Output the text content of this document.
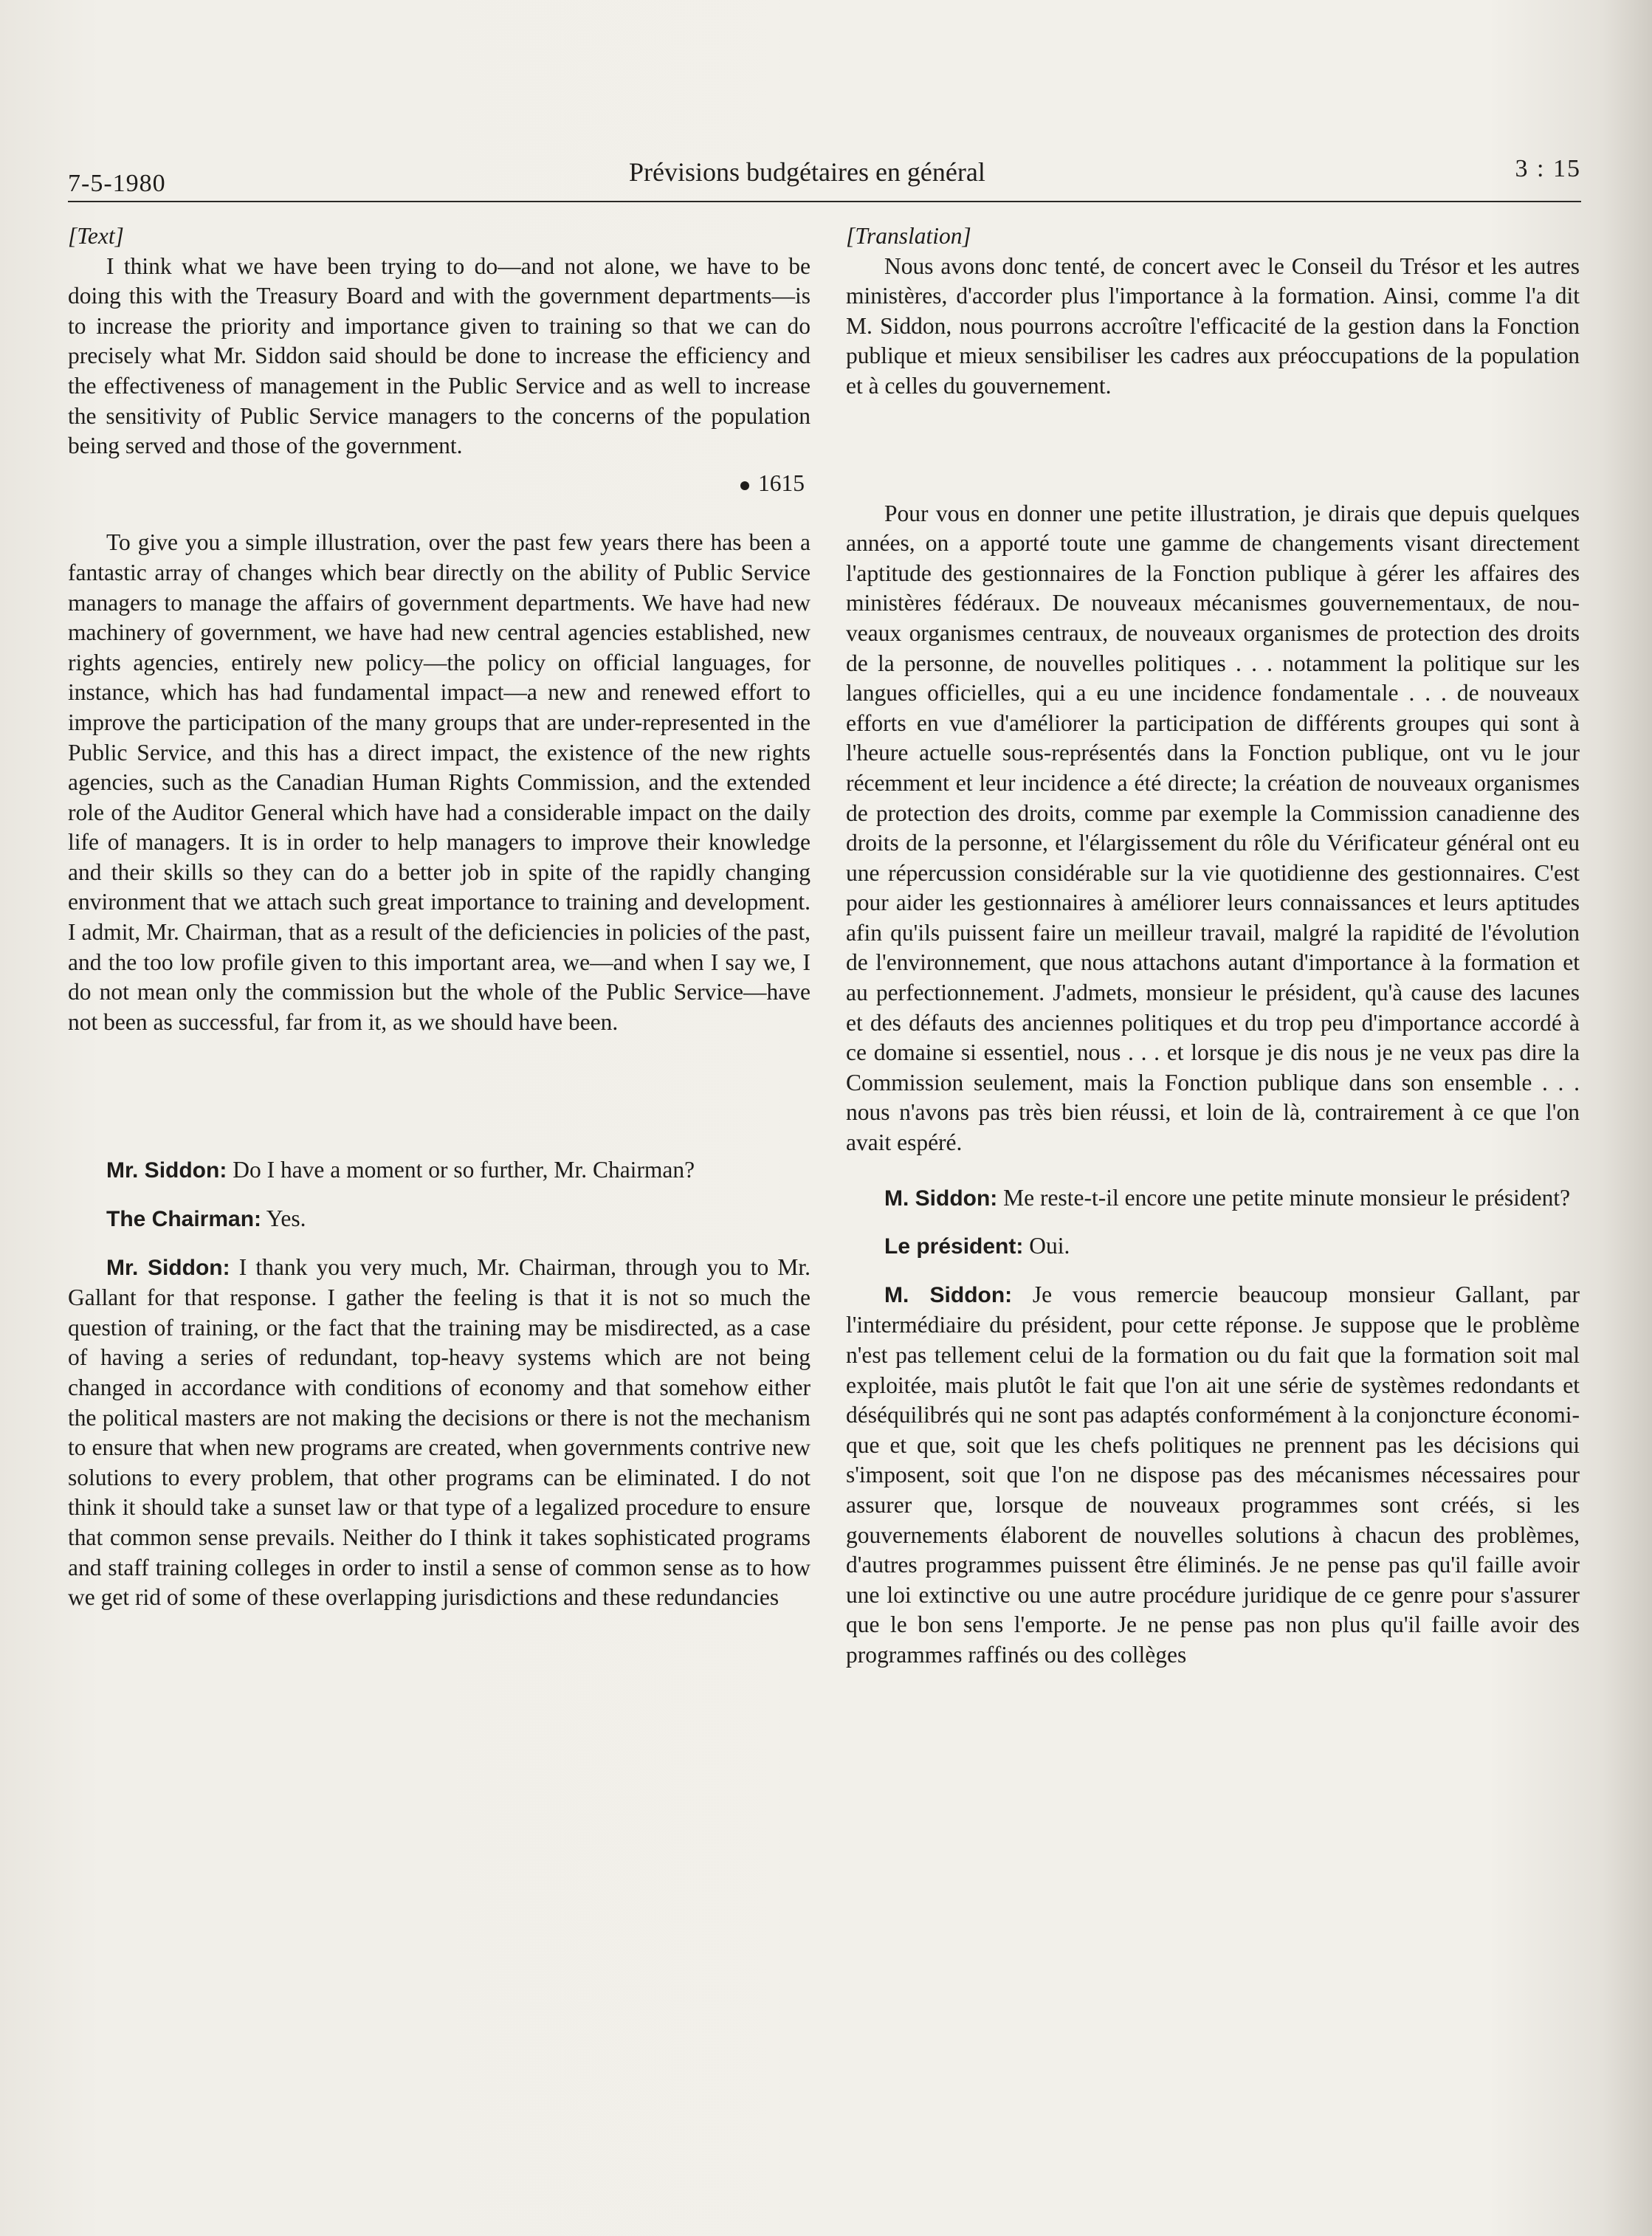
7-5-1980	Prévisions budgétaires en général	3 : 15

[Text]

I think what we have been trying to do—and not alone, we have to be doing this with the Treasury Board and with the government departments—is to increase the priority and importance given to training so that we can do precisely what Mr. Siddon said should be done to increase the efficiency and the effectiveness of management in the Public Service and as well to increase the sensitivity of Public Service managers to the concerns of the population being served and those of the government.

1615

To give you a simple illustration, over the past few years there has been a fantastic array of changes which bear directly on the ability of Public Service managers to manage the affairs of government departments. We have had new machinery of government, we have had new central agencies established, new rights agencies, entirely new policy—the policy on official languages, for instance, which has had fundamental impact—a new and renewed effort to improve the participation of the many groups that are under-represented in the Public Service, and this has a direct impact, the existence of the new rights agencies, such as the Canadian Human Rights Commission, and the extended role of the Auditor General which have had a considerable impact on the daily life of managers. It is in order to help managers to improve their knowledge and their skills so they can do a better job in spite of the rapidly changing environment that we attach such great importance to training and development. I admit, Mr. Chairman, that as a result of the deficiencies in policies of the past, and the too low profile given to this important area, we—and when I say we, I do not mean only the commission but the whole of the Public Service—have not been as successful, far from it, as we should have been.

Mr. Siddon: Do I have a moment or so further, Mr. Chairman?

The Chairman: Yes.

Mr. Siddon: I thank you very much, Mr. Chairman, through you to Mr. Gallant for that response. I gather the feeling is that it is not so much the question of training, or the fact that the training may be misdirected, as a case of having a series of redundant, top-heavy systems which are not being changed in accordance with conditions of economy and that somehow either the political masters are not making the decisions or there is not the mechanism to ensure that when new programs are created, when governments contrive new solutions to every problem, that other programs can be eliminated. I do not think it should take a sunset law or that type of a legalized procedure to ensure that common sense prevails. Neither do I think it takes sophisticated programs and staff training colleges in order to instil a sense of common sense as to how we get rid of some of these overlapping jurisdictions and these redundancies

[Translation]

Nous avons donc tenté, de concert avec le Conseil du Trésor et les autres ministères, d'accorder plus l'importance à la formation. Ainsi, comme l'a dit M. Siddon, nous pourrons accroître l'efficacité de la gestion dans la Fonction publique et mieux sensibiliser les cadres aux préoccupations de la population et à celles du gouvernement.

Pour vous en donner une petite illustration, je dirais que depuis quelques années, on a apporté toute une gamme de changements visant directement l'aptitude des gestionnaires de la Fonction publique à gérer les affaires des ministères fédéraux. De nouveaux mécanismes gouvernementaux, de nouveaux organismes centraux, de nouveaux organismes de protection des droits de la personne, de nouvelles politiques . . . notamment la politique sur les langues officielles, qui a eu une incidence fondamentale . . . de nouveaux efforts en vue d'améliorer la participation de différents groupes qui sont à l'heure actuelle sous-représentés dans la Fonction publique, ont vu le jour récemment et leur incidence a été directe; la création de nouveaux organismes de protection des droits, comme par exemple la Commission canadienne des droits de la personne, et l'élargissement du rôle du Vérificateur général ont eu une répercussion considérable sur la vie quotidienne des gestionnaires. C'est pour aider les gestionnaires à améliorer leurs connaissances et leurs aptitudes afin qu'ils puissent faire un meilleur travail, malgré la rapidité de l'évolution de l'environnement, que nous attachons autant d'importance à la formation et au perfectionnement. J'admets, monsieur le président, qu'à cause des lacunes et des défauts des anciennes politiques et du trop peu d'importance accordé à ce domaine si essentiel, nous . . . et lorsque je dis nous je ne veux pas dire la Commission seulement, mais la Fonction publique dans son ensemble . . . nous n'avons pas très bien réussi, et loin de là, contrairement à ce que l'on avait espéré.

M. Siddon: Me reste-t-il encore une petite minute monsieur le président?

Le président: Oui.

M. Siddon: Je vous remercie beaucoup monsieur Gallant, par l'intermédiaire du président, pour cette réponse. Je suppose que le problème n'est pas tellement celui de la formation ou du fait que la formation soit mal exploitée, mais plutôt le fait que l'on ait une série de systèmes redondants et déséquilibrés qui ne sont pas adaptés conformément à la conjoncture économique et que, soit que les chefs politiques ne prennent pas les décisions qui s'imposent, soit que l'on ne dispose pas des mécanismes nécessaires pour assurer que, lorsque de nouveaux programmes sont créés, si les gouvernements élaborent de nouvelles solutions à chacun des problèmes, d'autres programmes puissent être éliminés. Je ne pense pas qu'il faille avoir une loi extinctive ou une autre procédure juridique de ce genre pour s'assurer que le bon sens l'emporte. Je ne pense pas non plus qu'il faille avoir des programmes raffinés ou des collèges
